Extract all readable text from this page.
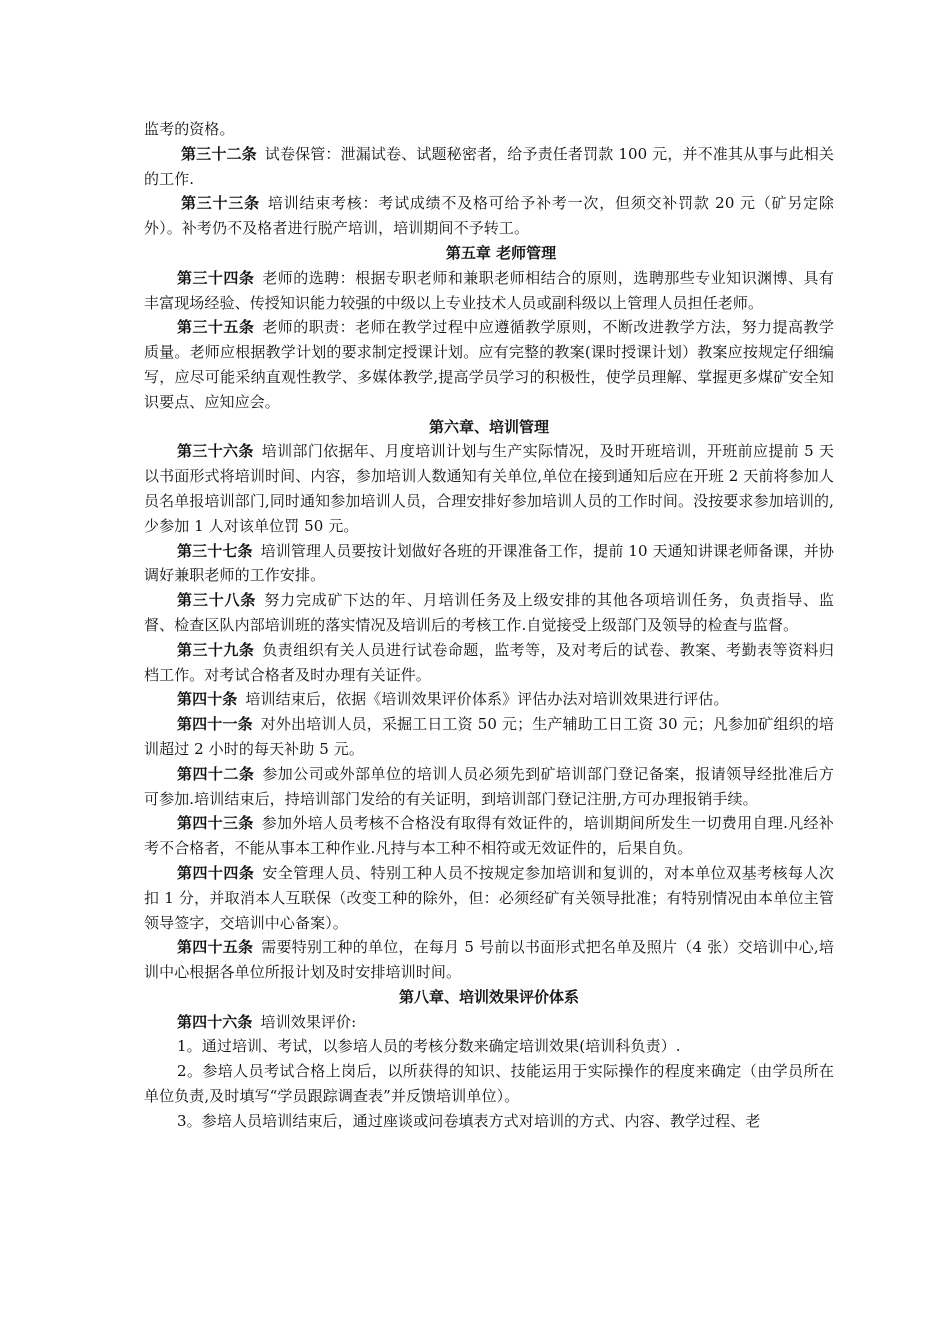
监考的资格。

第三十二条 试卷保管：泄漏试卷、试题秘密者，给予责任者罚款 100 元，并不准其从事与此相关的工作.

第三十三条 培训结束考核：考试成绩不及格可给予补考一次，但须交补罚款 20 元（矿另定除外）。补考仍不及格者进行脱产培训，培训期间不予转工。

第五章 老师管理

第三十四条 老师的选聘：根据专职老师和兼职老师相结合的原则，选聘那些专业知识渊博、具有丰富现场经验、传授知识能力较强的中级以上专业技术人员或副科级以上管理人员担任老师。

第三十五条 老师的职责：老师在教学过程中应遵循教学原则，不断改进教学方法，努力提高教学质量。老师应根据教学计划的要求制定授课计划。应有完整的教案(课时授课计划）教案应按规定仔细编写，应尽可能采纳直观性教学、多媒体教学,提高学员学习的积极性，使学员理解、掌握更多煤矿安全知识要点、应知应会。

第六章、培训管理

第三十六条 培训部门依据年、月度培训计划与生产实际情况，及时开班培训，开班前应提前 5 天以书面形式将培训时间、内容，参加培训人数通知有关单位,单位在接到通知后应在开班 2 天前将参加人员名单报培训部门,同时通知参加培训人员，合理安排好参加培训人员的工作时间。没按要求参加培训的,少参加 1 人对该单位罚 50 元。

第三十七条 培训管理人员要按计划做好各班的开课准备工作，提前 10 天通知讲课老师备课，并协调好兼职老师的工作安排。

第三十八条 努力完成矿下达的年、月培训任务及上级安排的其他各项培训任务，负责指导、监督、检查区队内部培训班的落实情况及培训后的考核工作.自觉接受上级部门及领导的检查与监督。

第三十九条 负责组织有关人员进行试卷命题，监考等，及对考后的试卷、教案、考勤表等资料归档工作。对考试合格者及时办理有关证件。

第四十条 培训结束后，依据《培训效果评价体系》评估办法对培训效果进行评估。

第四十一条 对外出培训人员，采掘工日工资 50 元；生产辅助工日工资 30 元；凡参加矿组织的培训超过 2 小时的每天补助 5 元。

第四十二条 参加公司或外部单位的培训人员必须先到矿培训部门登记备案，报请领导经批准后方可参加.培训结束后，持培训部门发给的有关证明，到培训部门登记注册,方可办理报销手续。

第四十三条 参加外培人员考核不合格没有取得有效证件的，培训期间所发生一切费用自理.凡经补考不合格者，不能从事本工种作业.凡持与本工种不相符或无效证件的，后果自负。

第四十四条 安全管理人员、特别工种人员不按规定参加培训和复训的，对本单位双基考核每人次扣 1 分，并取消本人互联保（改变工种的除外，但：必须经矿有关领导批准；有特别情况由本单位主管领导签字，交培训中心备案）。

第四十五条 需要特别工种的单位，在每月 5 号前以书面形式把名单及照片（4 张）交培训中心,培训中心根据各单位所报计划及时安排培训时间。

第八章、培训效果评价体系

第四十六条 培训效果评价:

1。通过培训、考试，以参培人员的考核分数来确定培训效果(培训科负责）.

2。参培人员考试合格上岗后，以所获得的知识、技能运用于实际操作的程度来确定（由学员所在单位负责,及时填写“学员跟踪调查表”并反馈培训单位）。

3。参培人员培训结束后，通过座谈或问卷填表方式对培训的方式、内容、教学过程、老
